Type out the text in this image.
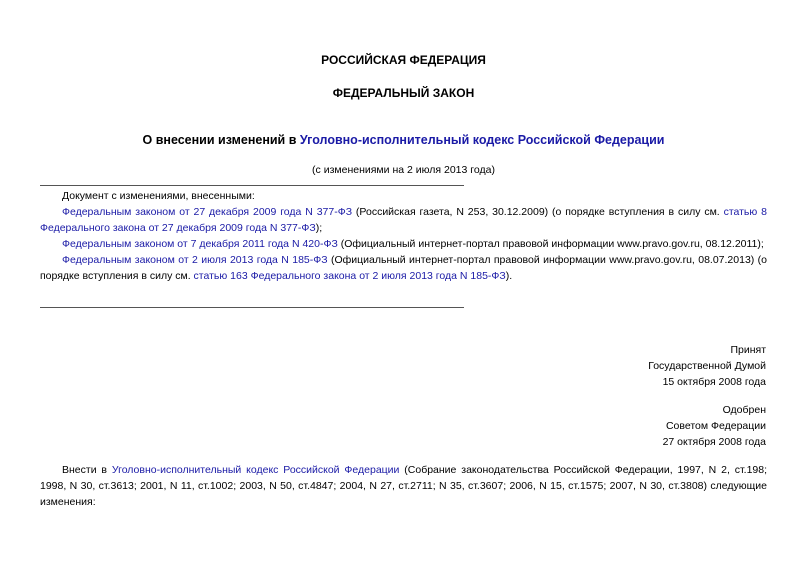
РОССИЙСКАЯ ФЕДЕРАЦИЯ
ФЕДЕРАЛЬНЫЙ ЗАКОН
О внесении изменений в Уголовно-исполнительный кодекс Российской Федерации
(с изменениями на 2 июля 2013 года)

Документ с изменениями, внесенными:

Федеральным законом от 27 декабря 2009 года N 377-ФЗ (Российская газета, N 253, 30.12.2009) (о порядке вступления в силу см. статью 8 Федерального закона от 27 декабря 2009 года N 377-ФЗ);

Федеральным законом от 7 декабря 2011 года N 420-ФЗ (Официальный интернет-портал правовой информации www.pravo.gov.ru, 08.12.2011);

Федеральным законом от 2 июля 2013 года N 185-ФЗ (Официальный интернет-портал правовой информации www.pravo.gov.ru, 08.07.2013) (о порядке вступления в силу см. статью 163 Федерального закона от 2 июля 2013 года N 185-ФЗ).

Принят
Государственной Думой
15 октября 2008 года
Одобрен
Советом Федерации
27 октября 2008 года

Внести в Уголовно-исполнительный кодекс Российской Федерации (Собрание законодательства Российской Федерации, 1997, N 2, ст.198; 1998, N 30, ст.3613; 2001, N 11, ст.1002; 2003, N 50, ст.4847; 2004, N 27, ст.2711; N 35, ст.3607; 2006, N 15, ст.1575; 2007, N 30, ст.3808) следующие изменения:
